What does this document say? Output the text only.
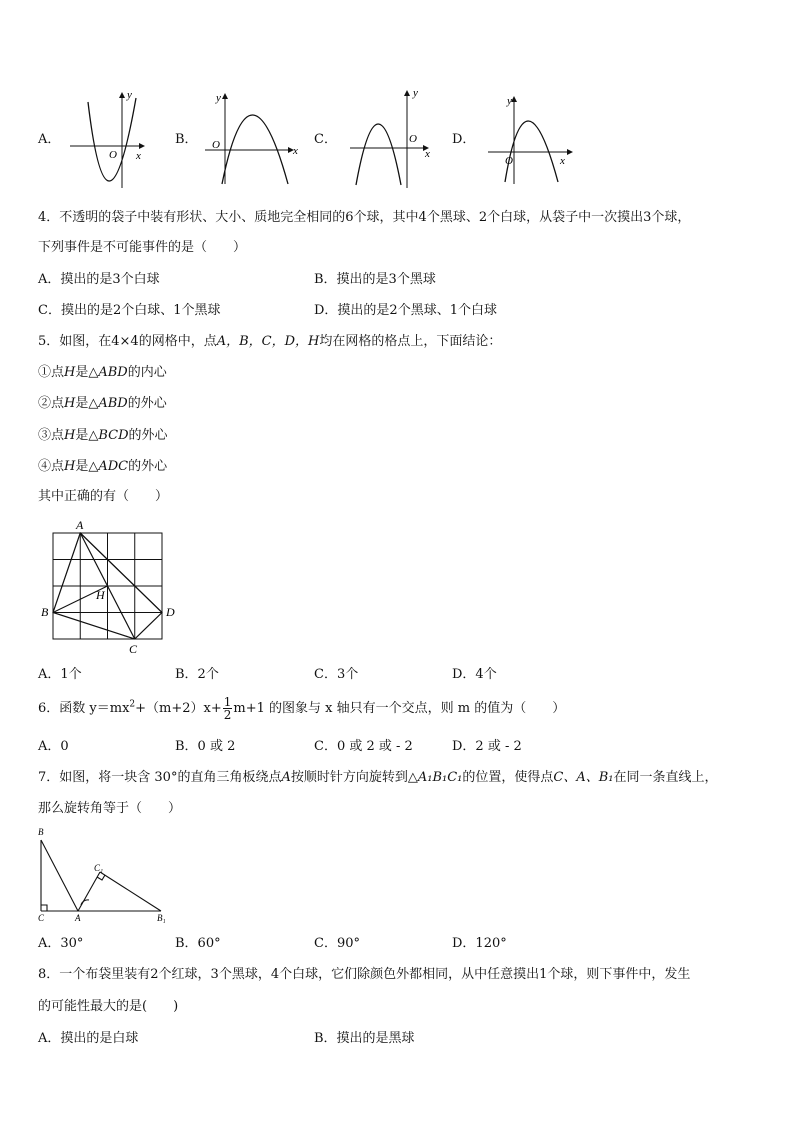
A．
y
x
O
B．
y
x
O	C．
y
x
O	D．
y
x
O
4．不透明的袋子中装有形状、大小、质地完全相同的6个球，其中4个黑球、2个白球，从袋子中一次摸出3个球，
下列事件是不可能事件的是（　　）
A．摸出的是3个白球	B．摸出的是3个黑球
C．摸出的是2个白球、1个黑球	D．摸出的是2个黑球、1个白球
5．如图，在4×4的网格中，点A，B，C，D，H均在网格的格点上，下面结论：
①点H是△ABD的内心
②点H是△ABD的外心
③点H是△BCD的外心
④点H是△ADC的外心
其中正确的有（　　）
A
B
C
D
H
A．1个	B．2个	C．3个	D．4个
6．函数 $y=mx^2+(m+2)x+ \frac{1}{2} m+1$ 的图象与 x 轴只有一个交点，则 m 的值为（　　）
A．0	B．0 或 2	C．0 或 2 或 - 2	D．2 或 - 2
7．如图，将一块含 30°的直角三角板绕点A按顺时针方向旋转到△A₁B₁C₁的位置，使得点C、A、B₁在同一条直线上，
那么旋转角等于（　　）
B
C	A
C₁
B₁
A．30°	B．60°	C．90°	D．120°
8．一个布袋里装有2个红球，3个黑球，4个白球，它们除颜色外都相同，从中任意摸出1个球，则下事件中，发生
的可能性最大的是(　　)
A．摸出的是白球	B．摸出的是黑球
